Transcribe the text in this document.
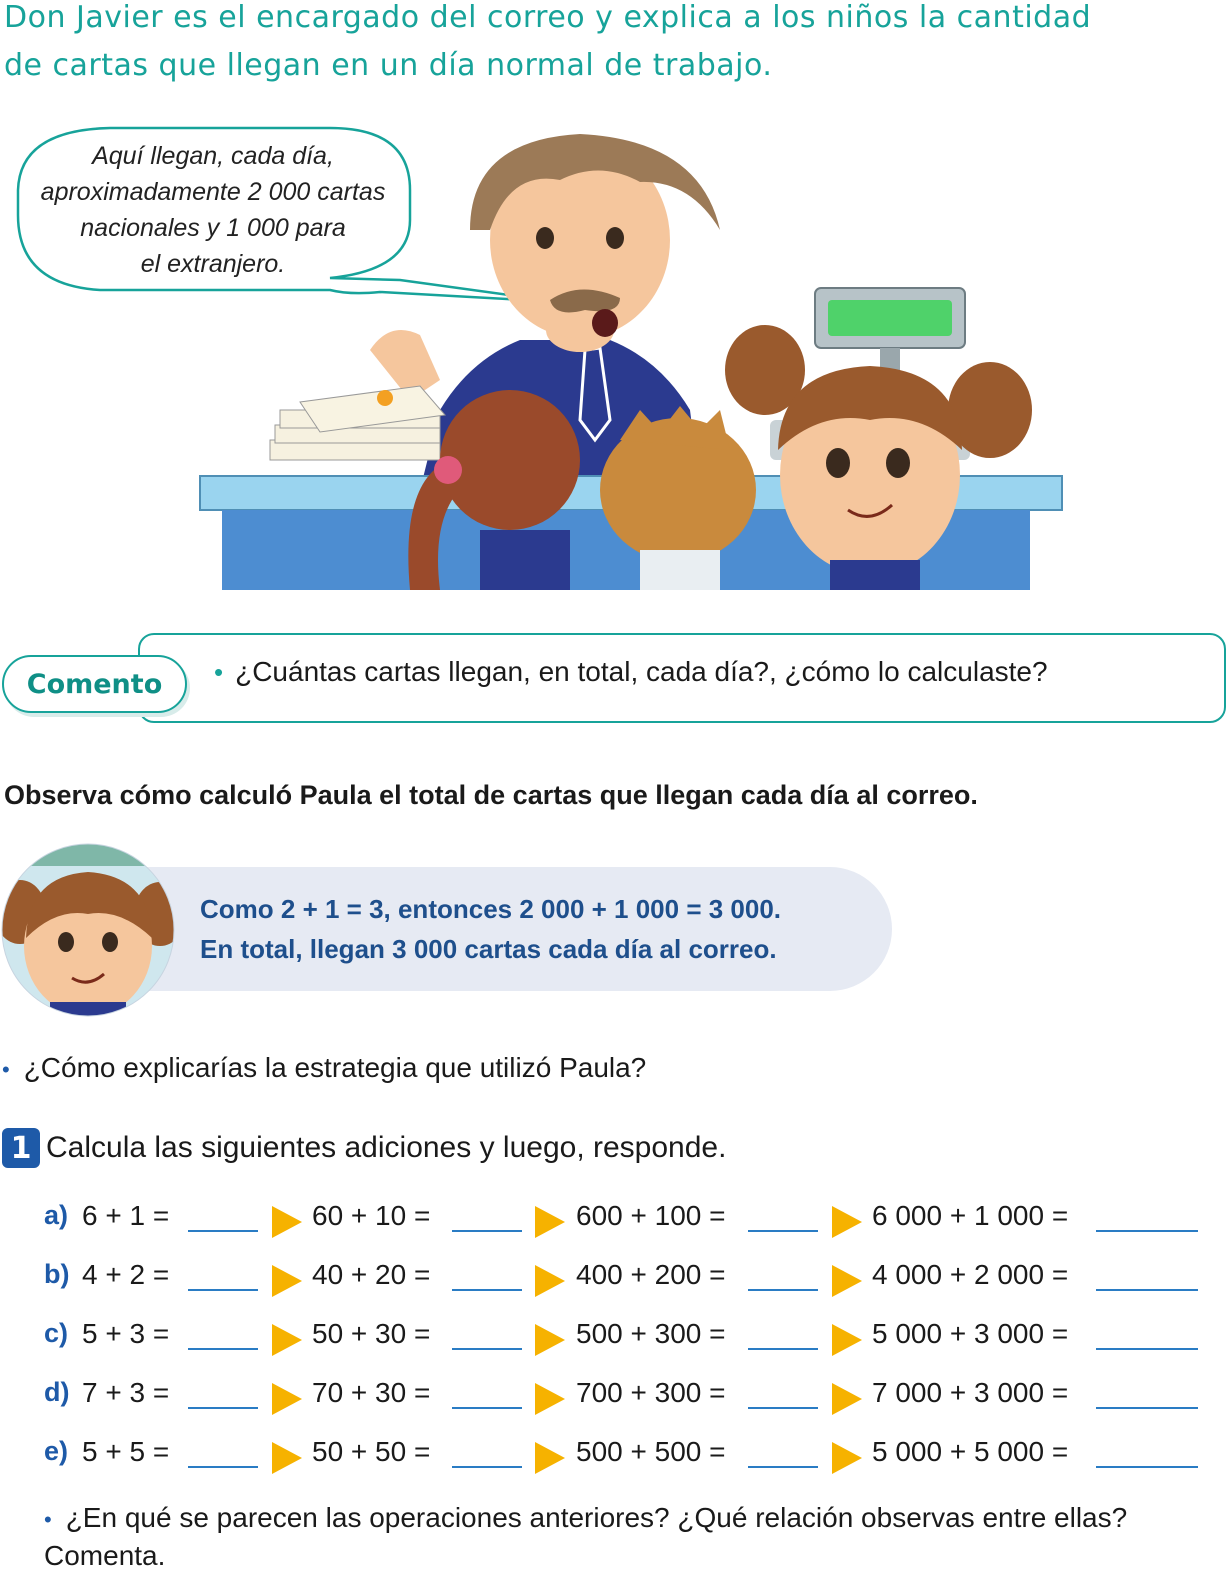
Don Javier es el encargado del correo y explica a los niños la cantidad
de cartas que llegan en un día normal de trabajo.
Aquí llegan, cada día,
aproximadamente 2 000 cartas
nacionales y 1 000 para
el extranjero.
Comento	• ¿Cuántas cartas llegan, en total, cada día?, ¿cómo lo calculaste?
Observa cómo calculó Paula el total de cartas que llegan cada día al correo.
Como 2 + 1 = 3, entonces 2 000 + 1 000 = 3 000.
En total, llegan 3 000 cartas cada día al correo.
• ¿Cómo explicarías la estrategia que utilizó Paula?
1 Calcula las siguientes adiciones y luego, responde.
a) 6 + 1 =	60 + 10 =	600 + 100 =	6 000 + 1 000 =
b) 4 + 2 =	40 + 20 =	400 + 200 =	4 000 + 2 000 =
c) 5 + 3 =	50 + 30 =	500 + 300 =	5 000 + 3 000 =
d) 7 + 3 =	70 + 30 =	700 + 300 =	7 000 + 3 000 =
e) 5 + 5 =	50 + 50 =	500 + 500 =	5 000 + 5 000 =
• ¿En qué se parecen las operaciones anteriores? ¿Qué relación observas entre ellas?
Comenta.
